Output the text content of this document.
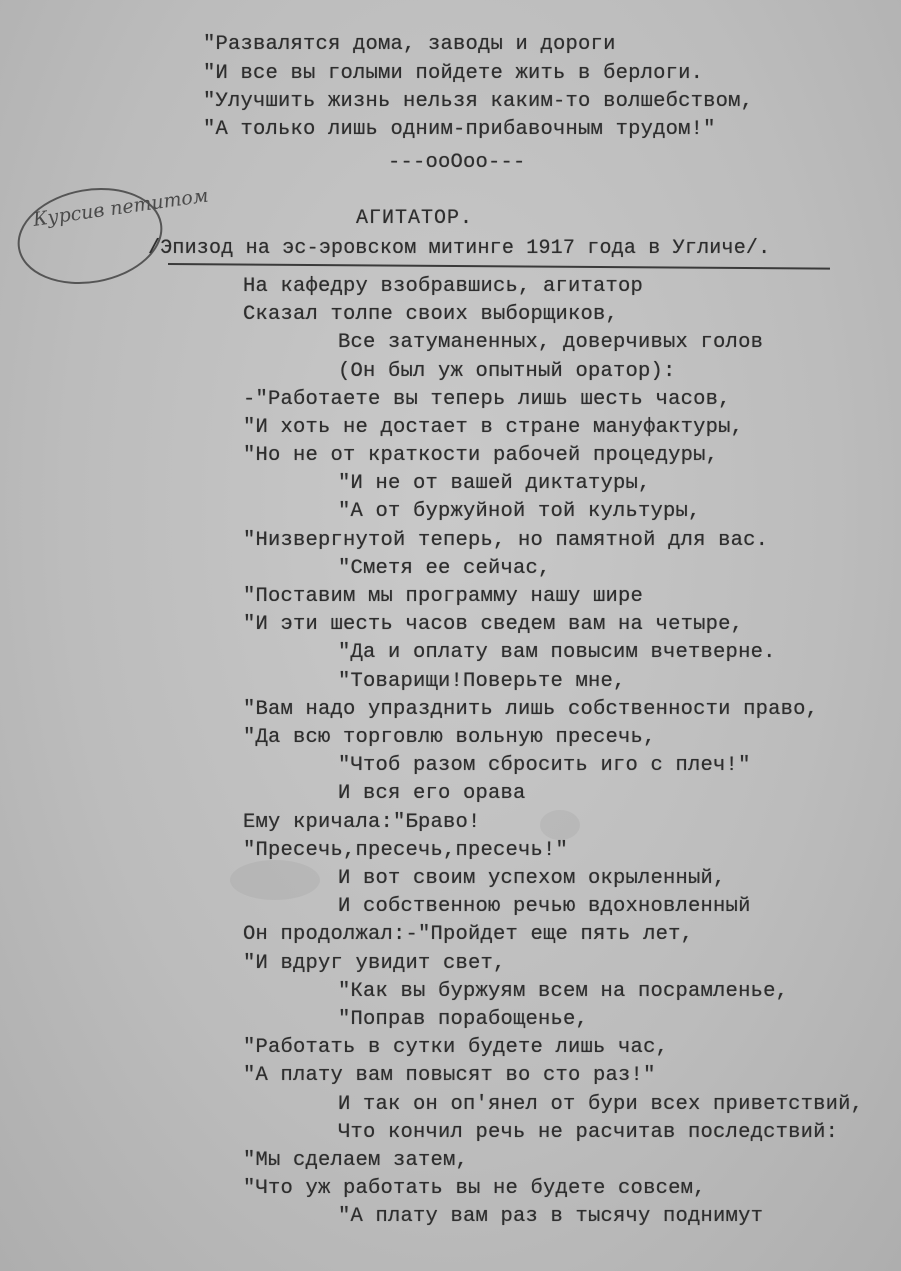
"Развалятся дома, заводы и дороги
"И все вы голыми пойдете жить в берлоги.
"Улучшить жизнь нельзя каким-то волшебством,
"А только лишь одним-прибавочным трудом!"
---ооОоо---
Курсив петитом	АГИТАТОР.
/Эпизод на эс-эровском митинге 1917 года в Угличе/.
На кафедру взобравшись, агитатор
Сказал толпе своих выборщиков,
Все затуманенных, доверчивых голов
(Он был уж опытный оратор):
-"Работаете вы теперь лишь шесть часов,
"И хоть не достает в стране мануфактуры,
"Но не от краткости рабочей процедуры,
"И не от вашей диктатуры,
"А от буржуйной той культуры,
"Низвергнутой теперь, но памятной для вас.
"Сметя ее сейчас,
"Поставим мы программу нашу шире
"И эти шесть часов сведем вам на четыре,
"Да и оплату вам повысим вчетверне.
"Товарищи!Поверьте мне,
"Вам надо упразднить лишь собственности право,
"Да всю торговлю вольную пресечь,
"Чтоб разом сбросить иго с плеч!"
И вся его орава
Ему кричала:"Браво!
"Пресечь,пресечь,пресечь!"
И вот своим успехом окрыленный,
И собственною речью вдохновленный
Он продолжал:-"Пройдет еще пять лет,
"И вдруг увидит свет,
"Как вы буржуям всем на посрамленье,
"Поправ порабощенье,
"Работать в сутки будете лишь час,
"А плату вам повысят во сто раз!"
И так он оп'янел от бури всех приветствий,
Что кончил речь не расчитав последствий:
"Мы сделаем затем,
"Что уж работать вы не будете совсем,
"А плату вам раз в тысячу поднимут
